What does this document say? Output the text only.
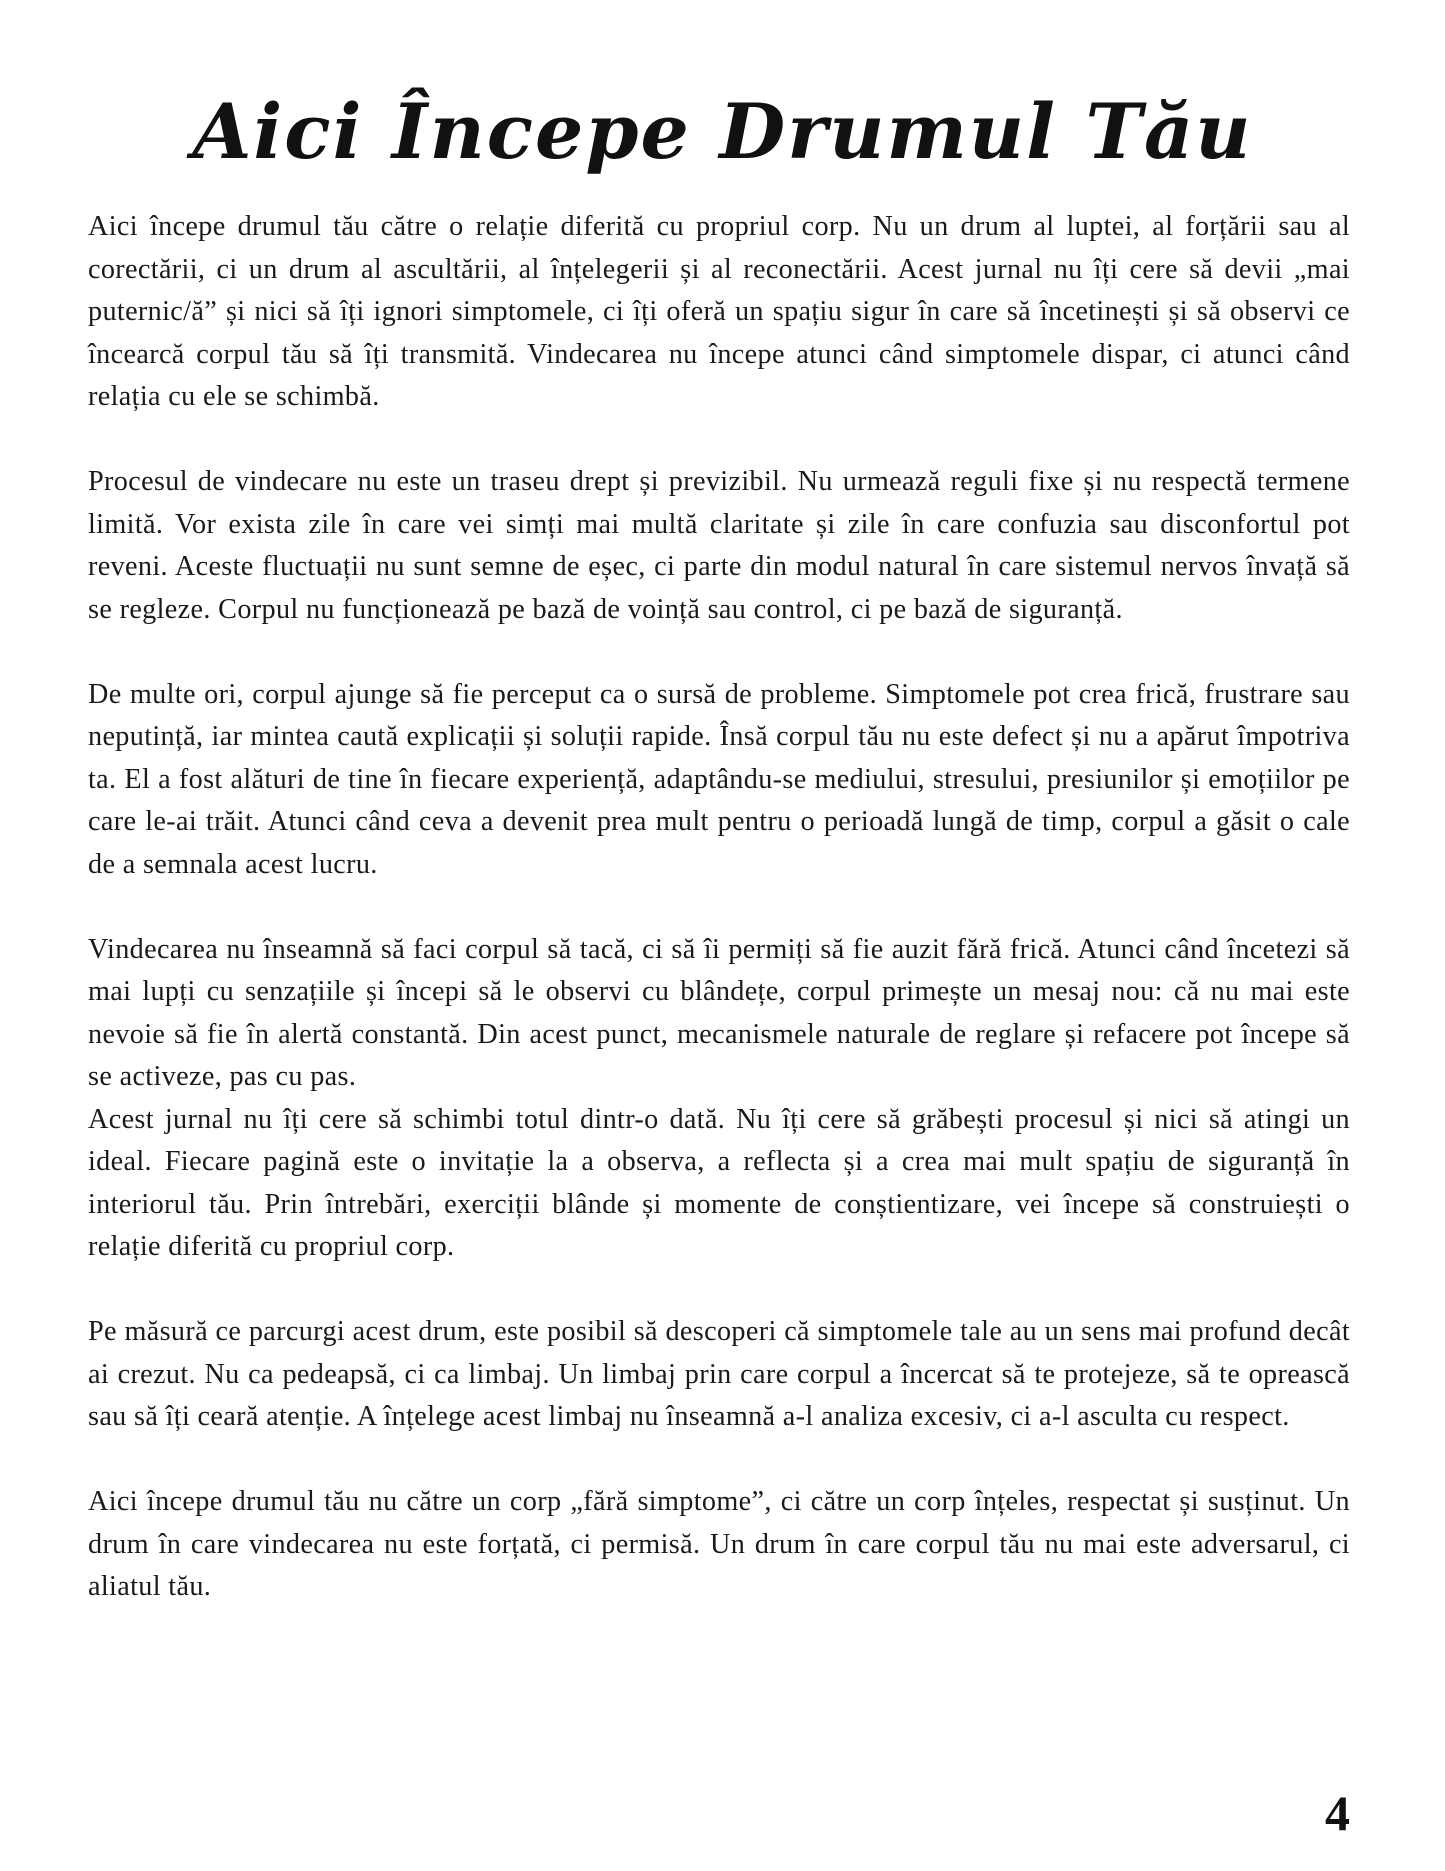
Aici Începe Drumul Tău

Aici începe drumul tău către o relație diferită cu propriul corp. Nu un drum al luptei, al forțării sau al corectării, ci un drum al ascultării, al înțelegerii și al reconectării. Acest jurnal nu îți cere să devii „mai puternic/ă” și nici să îți ignori simptomele, ci îți oferă un spațiu sigur în care să încetinești și să observi ce încearcă corpul tău să îți transmită. Vindecarea nu începe atunci când simptomele dispar, ci atunci când relația cu ele se schimbă.

Procesul de vindecare nu este un traseu drept și previzibil. Nu urmează reguli fixe și nu respectă termene limită. Vor exista zile în care vei simți mai multă claritate și zile în care confuzia sau disconfortul pot reveni. Aceste fluctuații nu sunt semne de eșec, ci parte din modul natural în care sistemul nervos învață să se regleze. Corpul nu funcționează pe bază de voință sau control, ci pe bază de siguranță.

De multe ori, corpul ajunge să fie perceput ca o sursă de probleme. Simptomele pot crea frică, frustrare sau neputință, iar mintea caută explicații și soluții rapide. Însă corpul tău nu este defect și nu a apărut împotriva ta. El a fost alături de tine în fiecare experiență, adaptându-se mediului, stresului, presiunilor și emoțiilor pe care le-ai trăit. Atunci când ceva a devenit prea mult pentru o perioadă lungă de timp, corpul a găsit o cale de a semnala acest lucru.

Vindecarea nu înseamnă să faci corpul să tacă, ci să îi permiți să fie auzit fără frică. Atunci când încetezi să mai lupți cu senzațiile și începi să le observi cu blândețe, corpul primește un mesaj nou: că nu mai este nevoie să fie în alertă constantă. Din acest punct, mecanismele naturale de reglare și refacere pot începe să se activeze, pas cu pas.

Acest jurnal nu îți cere să schimbi totul dintr-o dată. Nu îți cere să grăbești procesul și nici să atingi un ideal. Fiecare pagină este o invitație la a observa, a reflecta și a crea mai mult spațiu de siguranță în interiorul tău. Prin întrebări, exerciții blânde și momente de conștientizare, vei începe să construiești o relație diferită cu propriul corp.

Pe măsură ce parcurgi acest drum, este posibil să descoperi că simptomele tale au un sens mai profund decât ai crezut. Nu ca pedeapsă, ci ca limbaj. Un limbaj prin care corpul a încercat să te protejeze, să te oprească sau să îți ceară atenție. A înțelege acest limbaj nu înseamnă a-l analiza excesiv, ci a-l asculta cu respect.

Aici începe drumul tău nu către un corp „fără simptome”, ci către un corp înțeles, respectat și susținut. Un drum în care vindecarea nu este forțată, ci permisă. Un drum în care corpul tău nu mai este adversarul, ci aliatul tău.

4
